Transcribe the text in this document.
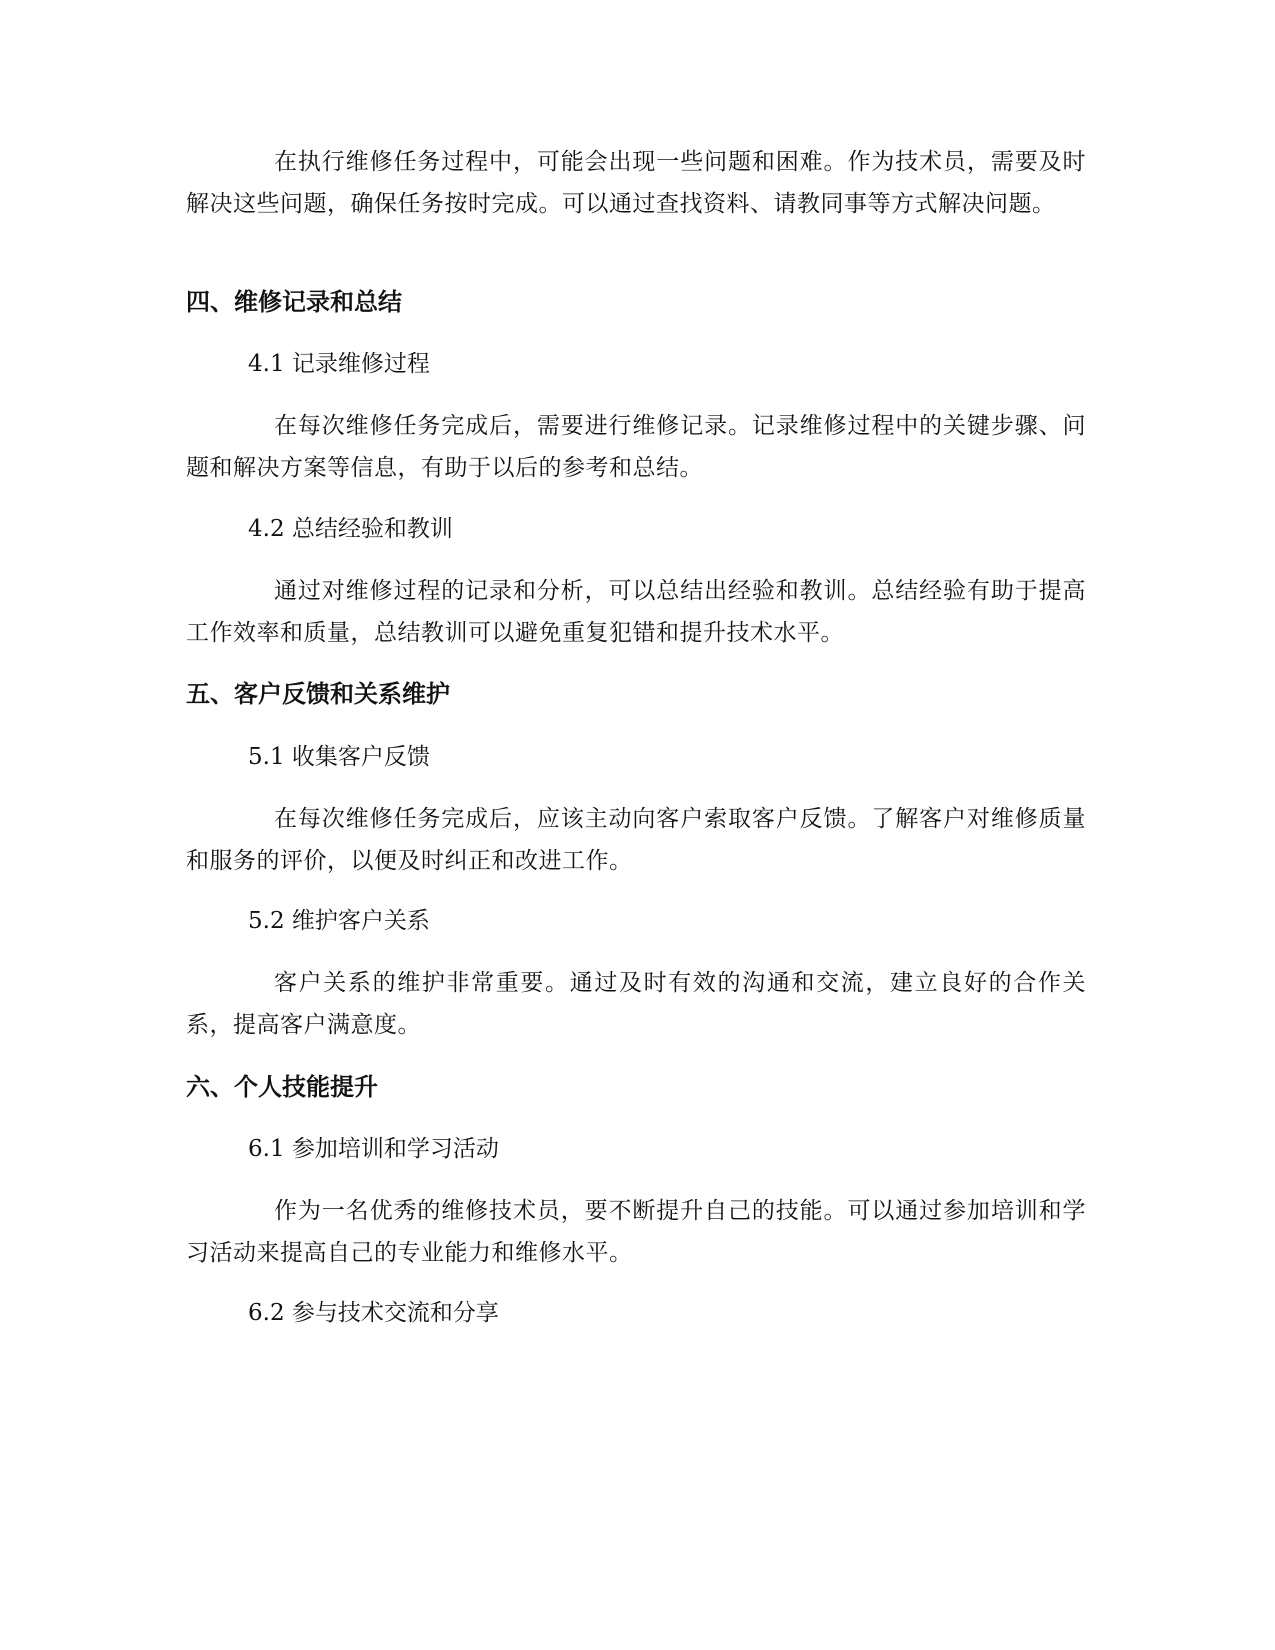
在执行维修任务过程中，可能会出现一些问题和困难。作为技术员，需要及时解决这些问题，确保任务按时完成。可以通过查找资料、请教同事等方式解决问题。

四、维修记录和总结

4.1 记录维修过程

在每次维修任务完成后，需要进行维修记录。记录维修过程中的关键步骤、问题和解决方案等信息，有助于以后的参考和总结。

4.2 总结经验和教训

通过对维修过程的记录和分析，可以总结出经验和教训。总结经验有助于提高工作效率和质量，总结教训可以避免重复犯错和提升技术水平。

五、客户反馈和关系维护

5.1 收集客户反馈

在每次维修任务完成后，应该主动向客户索取客户反馈。了解客户对维修质量和服务的评价，以便及时纠正和改进工作。

5.2 维护客户关系

客户关系的维护非常重要。通过及时有效的沟通和交流，建立良好的合作关系，提高客户满意度。

六、个人技能提升

6.1 参加培训和学习活动

作为一名优秀的维修技术员，要不断提升自己的技能。可以通过参加培训和学习活动来提高自己的专业能力和维修水平。

6.2 参与技术交流和分享
